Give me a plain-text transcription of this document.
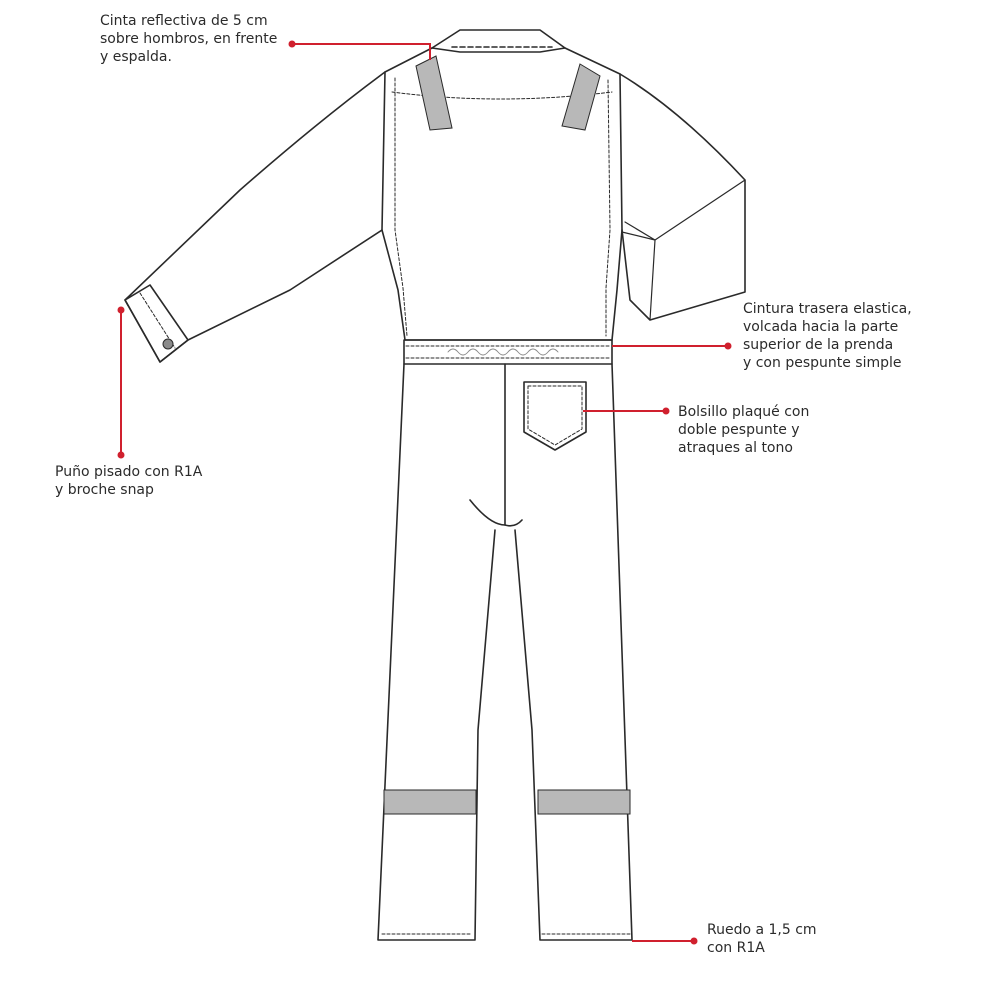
Cinta reflectiva de 5 cm
sobre hombros, en frente
y espalda.

Puño pisado con R1A
y broche snap

Cintura trasera elastica,
volcada hacia la parte
superior de la prenda
y con pespunte simple

Bolsillo plaqué con
doble pespunte y
atraques al tono

Ruedo a 1,5 cm
con R1A
